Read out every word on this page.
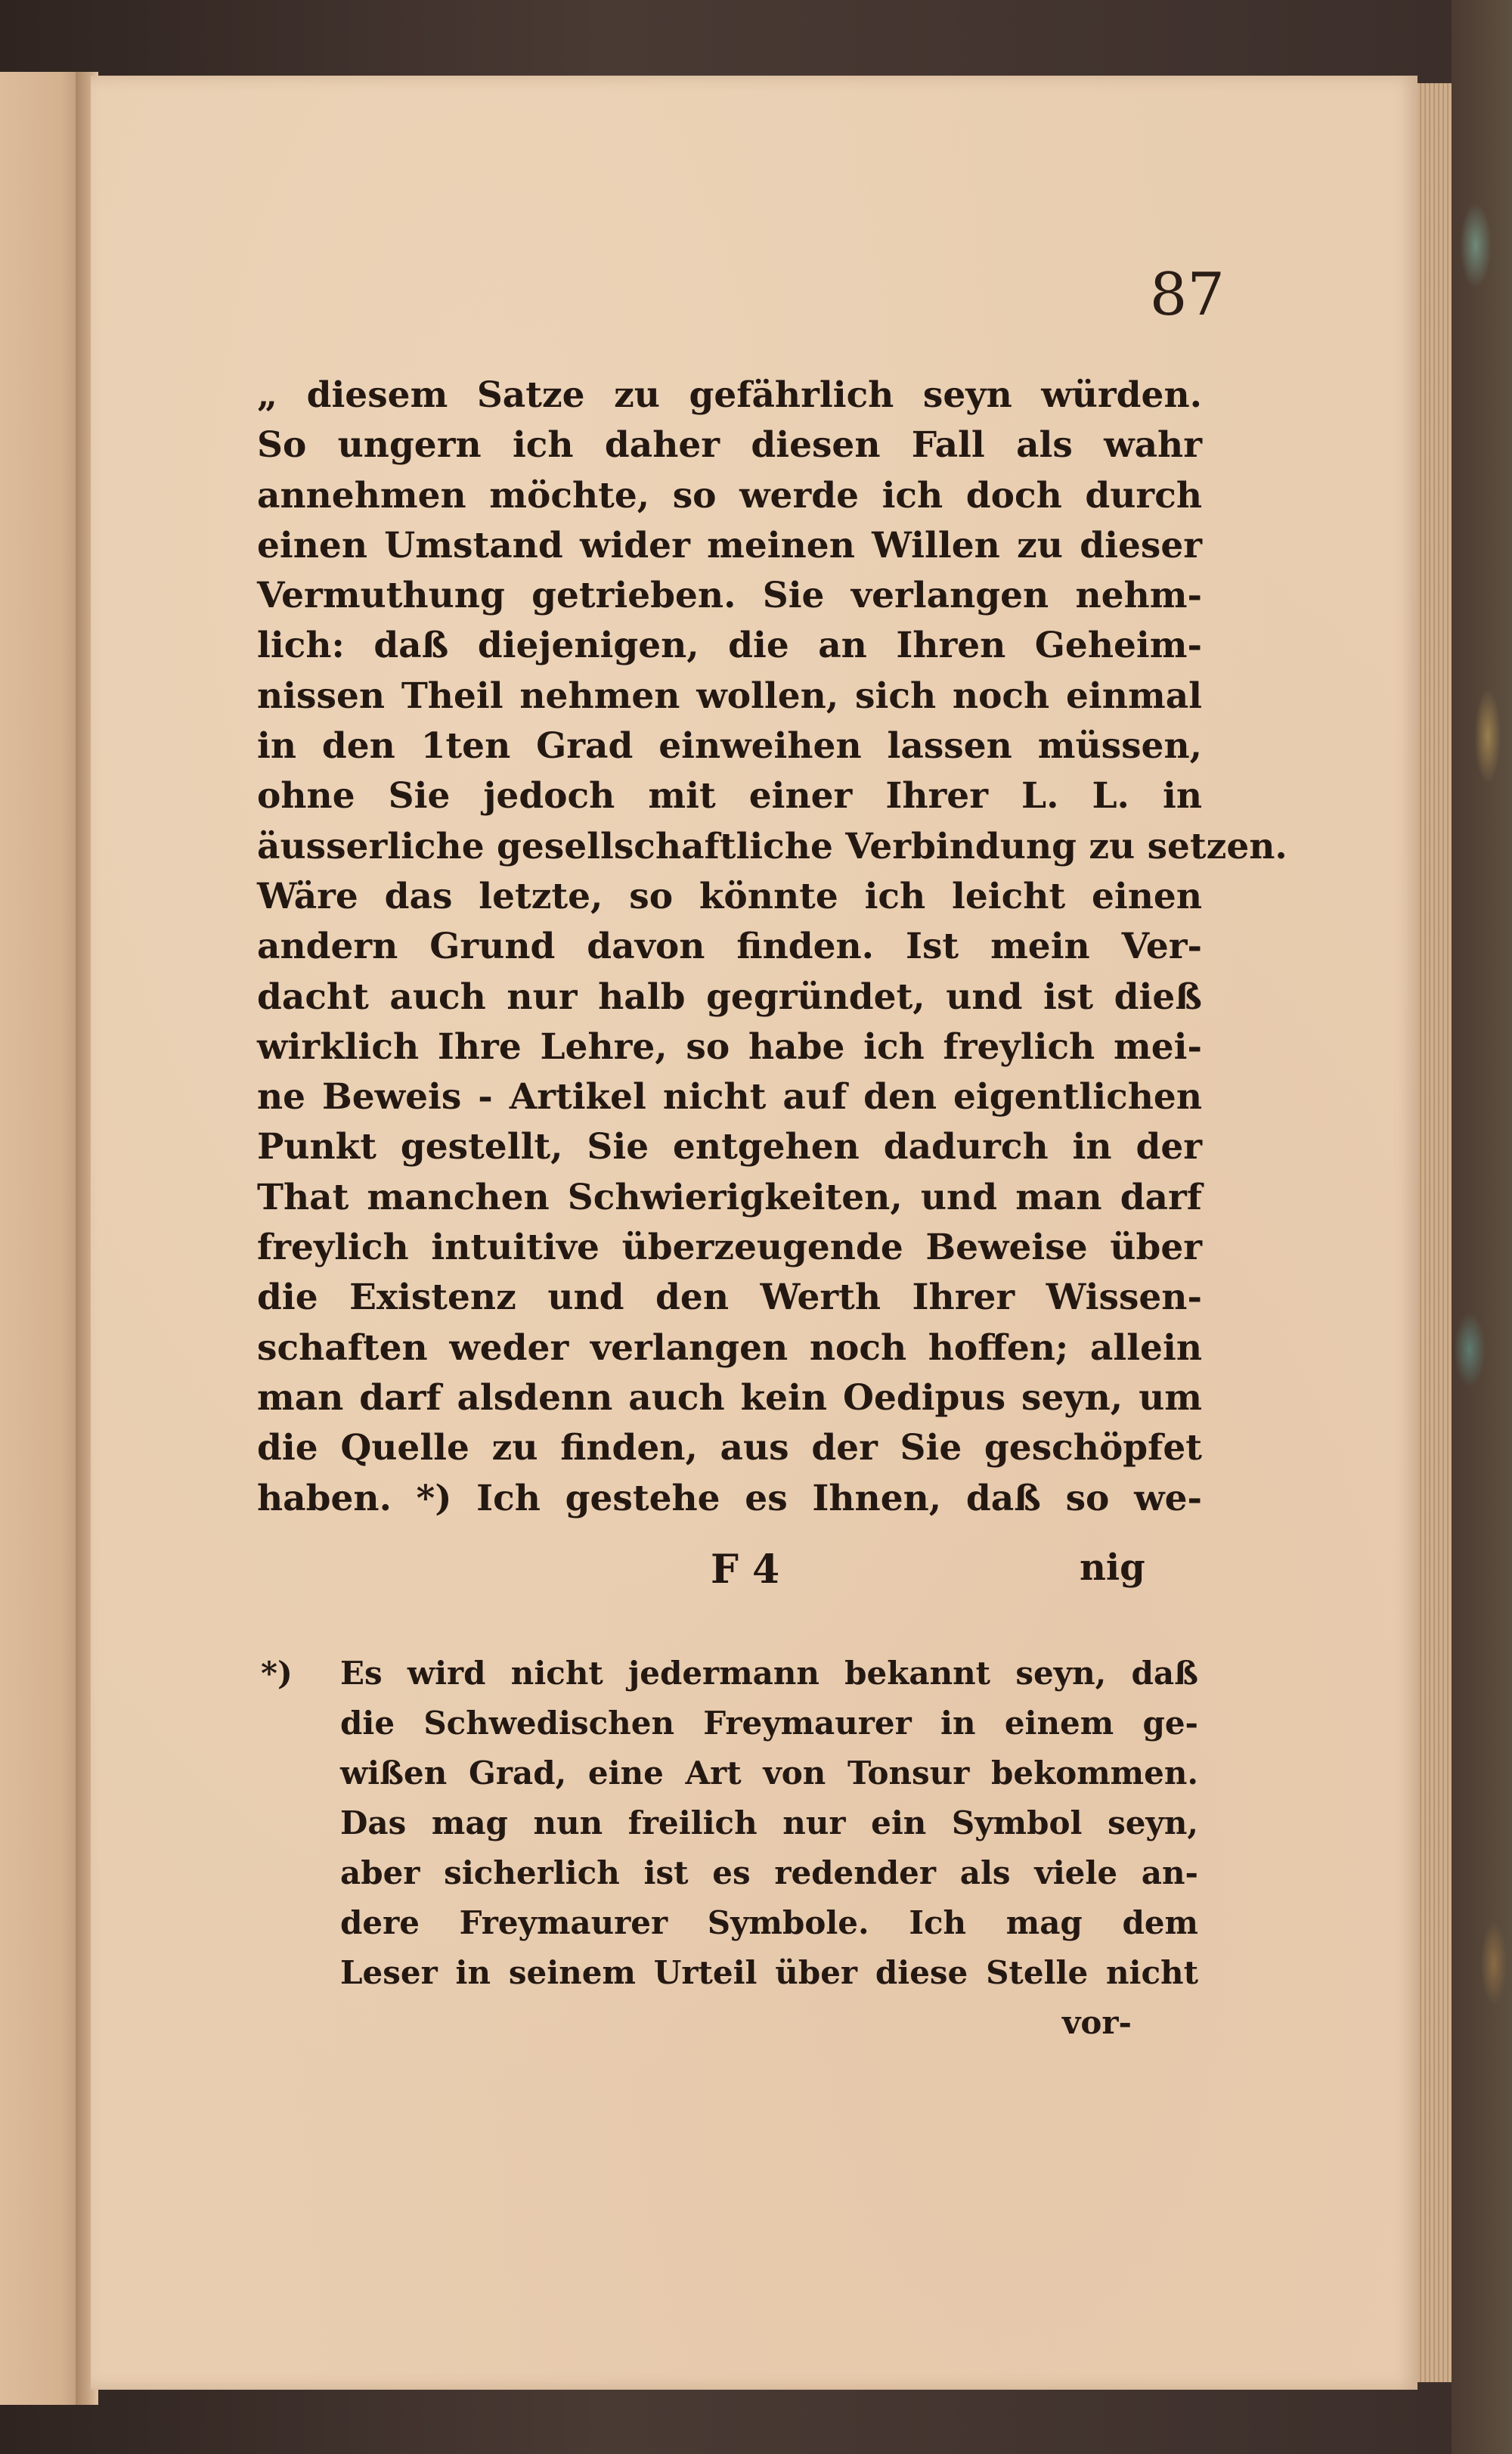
87
„ diesem Satze zu gefährlich seyn würden.
So ungern ich daher diesen Fall als wahr
annehmen möchte, so werde ich doch durch
einen Umstand wider meinen Willen zu dieser
Vermuthung getrieben. Sie verlangen nehm-
lich: daß diejenigen, die an Ihren Geheim-
nissen Theil nehmen wollen, sich noch einmal
in den 1ten Grad einweihen lassen müssen,
ohne Sie jedoch mit einer Ihrer L. L. in
äusserliche gesellschaftliche Verbindung zu setzen.
Wäre das letzte, so könnte ich leicht einen
andern Grund davon finden. Ist mein Ver-
dacht auch nur halb gegründet, und ist dieß
wirklich Ihre Lehre, so habe ich freylich mei-
ne Beweis - Artikel nicht auf den eigentlichen
Punkt gestellt, Sie entgehen dadurch in der
That manchen Schwierigkeiten, und man darf
freylich intuitive überzeugende Beweise über
die Existenz und den Werth Ihrer Wissen-
schaften weder verlangen noch hoffen; allein
man darf alsdenn auch kein Oedipus seyn, um
die Quelle zu finden, aus der Sie geschöpfet
haben. *) Ich gestehe es Ihnen, daß so we-
F 4	nig
*) Es wird nicht jedermann bekannt seyn, daß
die Schwedischen Freymaurer in einem ge-
wißen Grad, eine Art von Tonsur bekommen.
Das mag nun freilich nur ein Symbol seyn,
aber sicherlich ist es redender als viele an-
dere Freymaurer Symbole. Ich mag dem
Leser in seinem Urteil über diese Stelle nicht
vor-
